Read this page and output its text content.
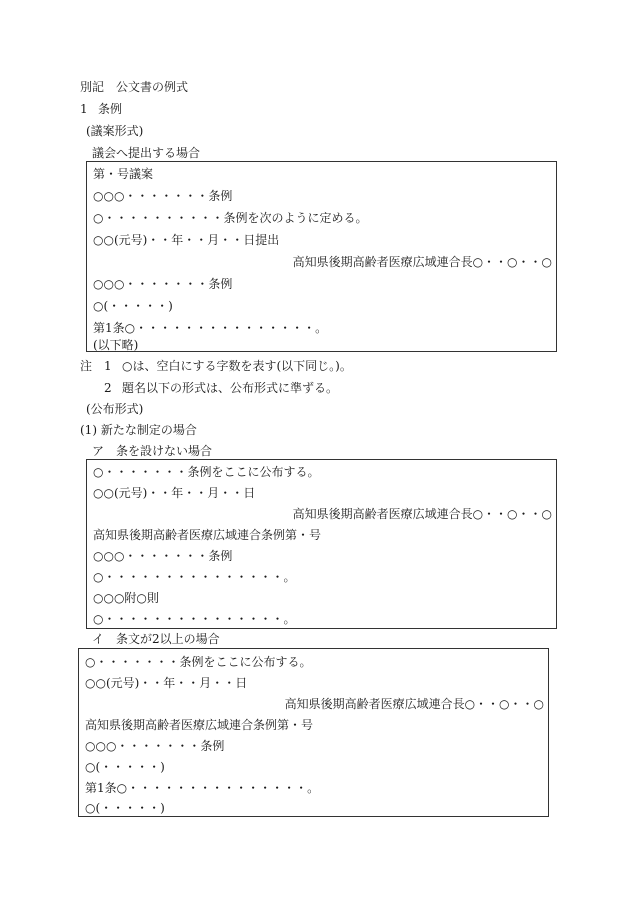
別記　公文書の例式
1 条例
(議案形式)
議会へ提出する場合
第・号議案
○○○・・・・・・・条例
○・・・・・・・・・・条例を次のように定める。
○○(元号)・・年・・月・・日提出
高知県後期高齢者医療広域連合長○・・○・・○
○○○・・・・・・・条例
○(・・・・・)
第1条○・・・・・・・・・・・・・・・。
(以下略)
注 1 ○は、空白にする字数を表す(以下同じ。)。
2 題名以下の形式は、公布形式に準ずる。
(公布形式)
(1) 新たな制定の場合
ア　条を設けない場合
○・・・・・・・条例をここに公布する。
○○(元号)・・年・・月・・日
高知県後期高齢者医療広域連合長○・・○・・○
高知県後期高齢者医療広域連合条例第・号
○○○・・・・・・・条例
○・・・・・・・・・・・・・・・。
○○○附○則
○・・・・・・・・・・・・・・・。
イ　条文が2以上の場合
○・・・・・・・条例をここに公布する。
○○(元号)・・年・・月・・日
高知県後期高齢者医療広域連合長○・・○・・○
高知県後期高齢者医療広域連合条例第・号
○○○・・・・・・・条例
○(・・・・・)
第1条○・・・・・・・・・・・・・・・。
○(・・・・・)
